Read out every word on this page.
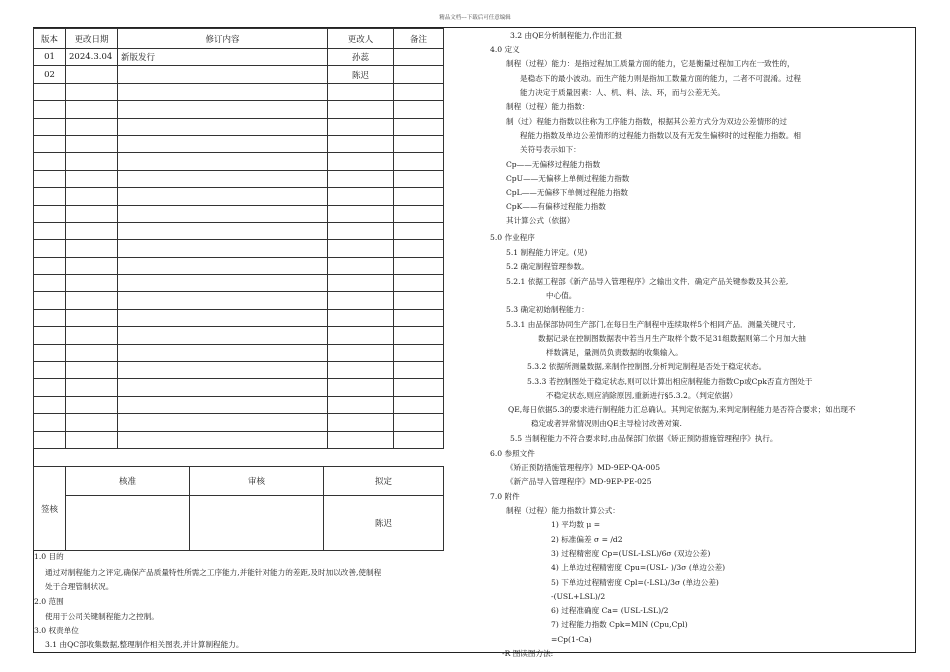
精品文档---下载后可任意编辑
版本	更改日期	修订内容	更改人	备注
01	2024.3.04	新版发行	孙蕊	
02			陈迟	

签核	核准	审核	拟定
			陈迟
1.0 目的
通过对制程能力之评定,确保产品质量特性所需之工序能力,并能针对能力的差距,及时加以改善,使制程
处于合理管制状况。
2.0 范围
使用于公司关键制程能力之控制。
3.0 权责单位
3.1 由QC部收集数据,整理制作相关图表,并计算制程能力。
3.2 由QE分析制程能力,作出汇报
4.0 定义
制程（过程）能力：是指过程加工质量方面的能力，它是衡量过程加工内在一致性的，
是稳态下的最小波动。而生产能力则是指加工数量方面的能力，二者不可混淆。过程
能力决定于质量因素：人、机、料、法、环，而与公差无关。
制程（过程）能力指数：
制（过）程能力指数以往称为工序能力指数，根据其公差方式分为双边公差情形的过
程能力指数及单边公差情形的过程能力指数以及有无发生偏移时的过程能力指数。相
关符号表示如下：
Cp——无偏移过程能力指数
CpU——无偏移上单侧过程能力指数
CpL——无偏移下单侧过程能力指数
CpK——有偏移过程能力指数
其计算公式（依据）
5.0 作业程序
5.1 制程能力评定。(见)
5.2 确定制程管理参数。
5.2.1 依据工程部《新产品导入管理程序》之输出文件．确定产品关键参数及其公差,
中心值。
5.3 确定初始制程能力：
5.3.1 由品保部协同生产部门,在每日生产制程中连续取样5个相同产品．测量关键尺寸,
数据记录在控制图数据表中若当月生产取样个数不足31组数据则第二个月加大抽
样数满足，量测员负责数据的收集输入。
5.3.2 依据所测量数据,来制作控制图,分析判定制程是否处于稳定状态。
5.3.3 若控制图处于稳定状态,则可以计算出相应制程能力指数Cp或Cpk否直方图处于
不稳定状态,则应消除原因,重新进行§5.3.2。（判定依据）
QE,每日依据5.3的要求进行制程能力汇总确认。其判定依据为,来判定制程能力是否符合要求；如出现不
稳定或者异常情况则由QE主导检讨改善对策.
5.5 当制程能力不符合要求时,由品保部门依据《矫正预防措施管理程序》执行。
6.0 参照文件
《矫正预防措施管理程序》MD-9EP-QA-005
《新产品导入管理程序》MD-9EP-PE-025
7.0 附件
制程（过程）能力指数计算公式：
1) 平均数 μ =
2) 标准偏差 σ = /d2
3) 过程精密度 Cp=(USL-LSL)/6σ (双边公差)
4) 上单边过程精密度 Cpu=(USL- )/3σ (单边公差)
5) 下单边过程精密度 Cpl=(-LSL)/3σ (单边公差)
-(USL+LSL)/2
6) 过程准确度 Ca= (USL-LSL)/2
7) 过程能力指数 Cpk=MIN (Cpu,Cpl)
=Cp(1-Ca)
-R 图读图方法:
